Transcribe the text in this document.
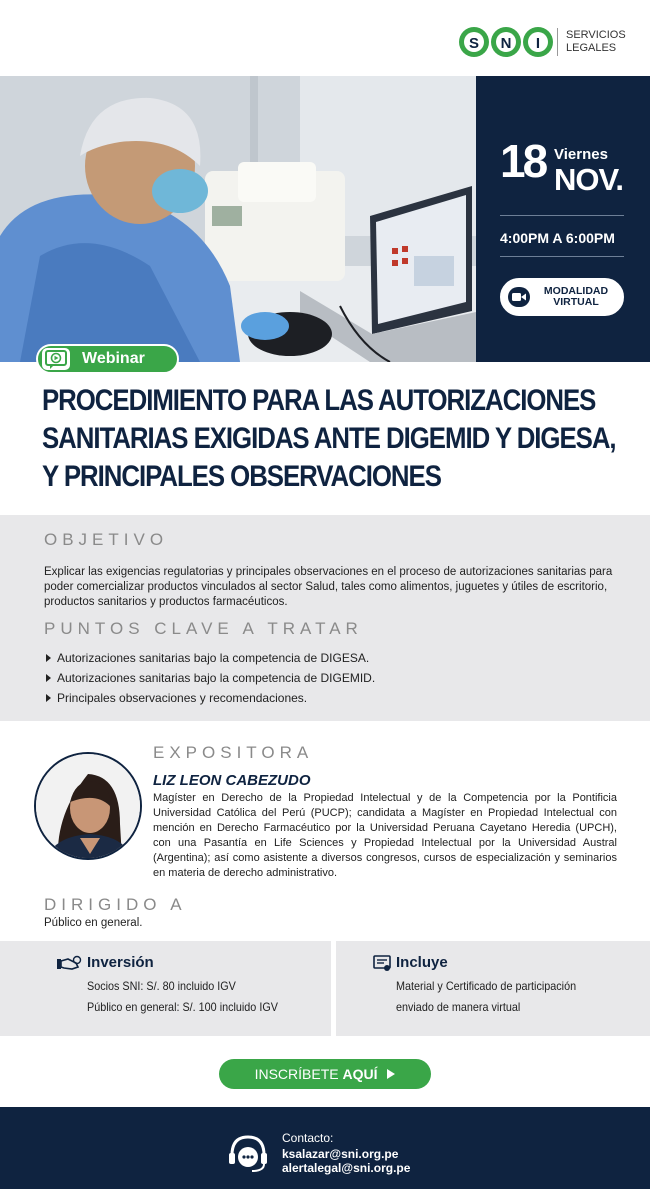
S N I SERVICIOS
LEGALES
18 Viernes
NOV.
4:00PM A 6:00PM
MODALIDAD
VIRTUAL
Webinar
PROCEDIMIENTO PARA LAS AUTORIZACIONES
SANITARIAS EXIGIDAS ANTE DIGEMID Y DIGESA,
Y PRINCIPALES OBSERVACIONES
OBJETIVO
Explicar las exigencias regulatorias y principales observaciones en el proceso de autorizaciones sanitarias para poder comercializar productos vinculados al sector Salud, tales como alimentos, juguetes y útiles de escritorio, productos sanitarios y productos farmacéuticos.
PUNTOS CLAVE A TRATAR
Autorizaciones sanitarias bajo la competencia de DIGESA.
Autorizaciones sanitarias bajo la competencia de DIGEMID.
Principales observaciones y recomendaciones.
EXPOSITORA
LIZ LEON CABEZUDO
Magíster en Derecho de la Propiedad Intelectual y de la Competencia por la Pontificia Universidad Católica del Perú (PUCP); candidata a Magíster en Propiedad Intelectual con mención en Derecho Farmacéutico por la Universidad Peruana Cayetano Heredia (UPCH), con una Pasantía en Life Sciences y Propiedad Intelectual por la Universidad Austral (Argentina); así como asistente a diversos congresos, cursos de especialización y seminarios en materia de derecho administrativo.
DIRIGIDO A
Público en general.
Inversión
Socios SNI: S/. 80 incluido IGV
Público en general: S/. 100 incluido IGV
Incluye
Material y Certificado de participación
enviado de manera virtual
INSCRÍBETE AQUÍ
Contacto:
ksalazar@sni.org.pe
alertalegal@sni.org.pe
